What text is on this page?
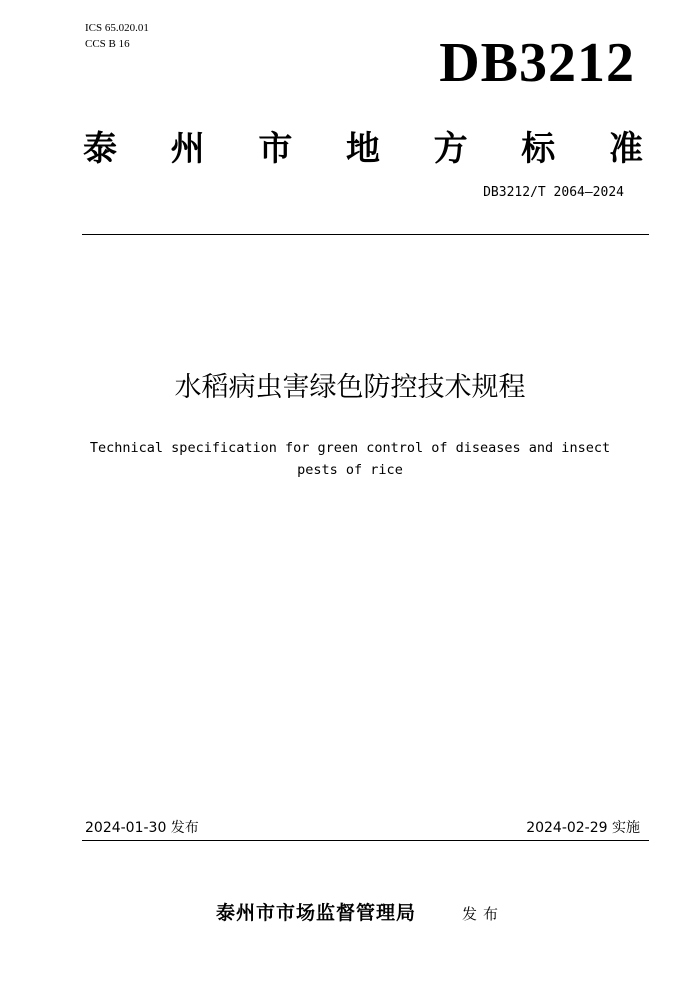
ICS 65.020.01
CCS B 16	DB3212
泰 州 市 地 方 标 准
DB3212/T 2064—2024
水稻病虫害绿色防控技术规程
Technical specification for green control of diseases and insect
pests of rice
2024-01-30 发布	2024-02-29 实施
泰州市市场监督管理局	发布
